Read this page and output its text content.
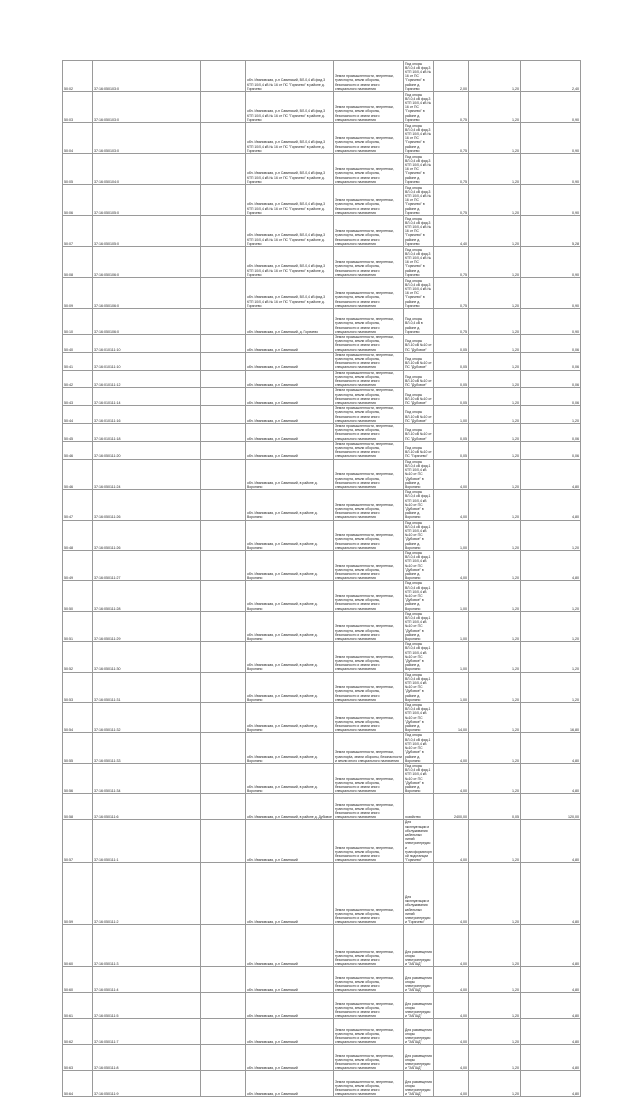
50:02	37:16:050103:0		обл. Ивановская, р-н Савинский, ВЛ-0,4 кВ фид.3 КТП 10/0,4 кВ № 16 от ПС "Горячево" в районе д. Горячево	Земли промышленности, энергетики, транспорта, земли обороны, безопасности и земли иного специального назначения	Под опоры ВЛ-0,4 кВ фид.3 КТП 10/0,4 кВ № 16 от ПС "Горячево" в районе д. Горячево	2,00	1,20	2,40
50:03	37:16:050103:0		обл. Ивановская, р-н Савинский, ВЛ-0,4 кВ фид.3 КТП 10/0,4 кВ № 16 от ПС "Горячево" в районе д. Горячево	Земли промышленности, энергетики, транспорта, земли обороны, безопасности и земли иного специального назначения	Под опоры ВЛ-0,4 кВ фид.3 КТП 10/0,4 кВ № 16 от ПС "Горячево" в районе д. Горячево	0,75	1,20	0,90
50:04	37:16:050103:0		обл. Ивановская, р-н Савинский, ВЛ-0,4 кВ фид.3 КТП 10/0,4 кВ № 16 от ПС "Горячево" в районе д. Горячево	Земли промышленности, энергетики, транспорта, земли обороны, безопасности и земли иного специального назначения	Под опоры ВЛ-0,4 кВ фид.3 КТП 10/0,4 кВ № 16 от ПС "Горячево" в районе д. Горячево	0,75	1,20	0,90
50:05	37:16:050104:0		обл. Ивановская, р-н Савинский, ВЛ-0,4 кВ фид.3 КТП 10/0,4 кВ № 16 от ПС "Горячево" в районе д. Горячево	Земли промышленности, энергетики, транспорта, земли обороны, безопасности и земли иного специального назначения	Под опоры ВЛ-0,4 кВ фид.3 КТП 10/0,4 кВ № 16 от ПС "Горячево" в районе д. Горячево	0,75	1,20	0,90
50:06	37:16:050105:0		обл. Ивановская, р-н Савинский, ВЛ-0,4 кВ фид.3 КТП 10/0,4 кВ № 16 от ПС "Горячево" в районе д. Горячево	Земли промышленности, энергетики, транспорта, земли обороны, безопасности и земли иного специального назначения	Под опоры ВЛ-0,4 кВ фид.3 КТП 10/0,4 кВ № 16 от ПС "Горячево" в районе д. Горячево	0,75	1,20	0,90
50:07	37:16:050105:0		обл. Ивановская, р-н Савинский, ВЛ-0,4 кВ фид.3 КТП 10/0,4 кВ № 16 от ПС "Горячево" в районе д. Горячево	Земли промышленности, энергетики, транспорта, земли обороны, безопасности и земли иного специального назначения	Под опоры ВЛ-0,4 кВ фид.3 КТП 10/0,4 кВ № 16 от ПС "Горячево" в районе д. Горячево	4,40	1,20	5,28
50:08	37:16:050106:0		обл. Ивановская, р-н Савинский, ВЛ-0,4 кВ фид.3 КТП 10/0,4 кВ № 16 от ПС "Горячево" в районе д. Горячево	Земли промышленности, энергетики, транспорта, земли обороны, безопасности и земли иного специального назначения	Под опоры ВЛ-0,4 кВ фид.3 КТП 10/0,4 кВ № 16 от ПС "Горячево" в районе д. Горячево	0,75	1,20	0,90
50:09	37:16:050106:0		обл. Ивановская, р-н Савинский, ВЛ-0,4 кВ фид.3 КТП 10/0,4 кВ № 16 от ПС "Горячево" в районе д. Горячево	Земли промышленности, энергетики, транспорта, земли обороны, безопасности и земли иного специального назначения	Под опоры ВЛ-0,4 кВ фид.3 КТП 10/0,4 кВ № 16 от ПС "Горячево" в районе д. Горячево	0,75	1,20	0,90
50:10	37:16:050106:0		обл. Ивановская, р-н Савинский, д. Горячево	Земли промышленности, энергетики, транспорта, земли обороны, безопасности и земли иного специального назначения	Под опоры ВЛ-0,4 кВ в районе д. Горячево	0,75	1,20	0,90
50:40	37:16:010111:10		обл. Ивановская, р-н Савинский	Земли промышленности, энергетики, транспорта, земли обороны, безопасности и земли иного специального назначения	Под опоры ВЛ-10 кВ №10 от ПС "Дубовое"	0,05	1,20	0,06
50:41	37:16:010111:10		обл. Ивановская, р-н Савинский	Земли промышленности, энергетики, транспорта, земли обороны, безопасности и земли иного специального назначения	Под опоры ВЛ-10 кВ №10 от ПС "Дубовое"	0,05	1,20	0,06
50:42	37:16:010111:12		обл. Ивановская, р-н Савинский	Земли промышленности, энергетики, транспорта, земли обороны, безопасности и земли иного специального назначения	Под опоры ВЛ-10 кВ №10 от ПС "Дубовое"	0,05	1,20	0,06
50:43	37:16:010111:14		обл. Ивановская, р-н Савинский	Земли промышленности, энергетики, транспорта, земли обороны, безопасности и земли иного специального назначения	Под опоры ВЛ-10 кВ №10 от ПС "Дубовое"	0,05	1,20	0,06
50:44	37:16:010111:16		обл. Ивановская, р-н Савинский	Земли промышленности, энергетики, транспорта, земли обороны, безопасности и земли иного специального назначения	Под опоры ВЛ-10 кВ №10 от ПС "Дубовое"	1,00	1,20	1,20
50:45	37:16:010111:18		обл. Ивановская, р-н Савинский	Земли промышленности, энергетики, транспорта, земли обороны, безопасности и земли иного специального назначения	Под опоры ВЛ-10 кВ №10 от ПС "Дубовое"	0,05	1,20	0,06
50:46	37:16:050111:20		обл. Ивановская, р-н Савинский	Земли промышленности, энергетики, транспорта, земли обороны, безопасности и земли иного специального назначения	Под опоры ВЛ-10 кВ №10 от ПС "Горячево"	0,05	1,20	0,06
50:46	37:16:050111:24		обл. Ивановская, р-н Савинский, в районе д. Воронино	Земли промышленности, энергетики, транспорта, земли обороны, безопасности и земли иного специального назначения	Под опоры ВЛ-0,4 кВ фид.1 КТП 10/0,4 кВ №10 от ПС "Дубовое" в районе д. Воронино	4,00	1,20	4,80
50:47	37:16:050111:26		обл. Ивановская, р-н Савинский, в районе д. Воронино	Земли промышленности, энергетики, транспорта, земли обороны, безопасности и земли иного специального назначения	Под опоры ВЛ-0,4 кВ фид.1 КТП 10/0,4 кВ №10 от ПС "Дубовое" в районе д. Воронино	4,00	1,20	4,80
50:48	37:16:050111:26		обл. Ивановская, р-н Савинский, в районе д. Воронино	Земли промышленности, энергетики, транспорта, земли обороны, безопасности и земли иного специального назначения	Под опоры ВЛ-0,4 кВ фид.1 КТП 10/0,4 кВ №10 от ПС "Дубовое" в районе д. Воронино	1,00	1,20	1,20
50:49	37:16:050111:27		обл. Ивановская, р-н Савинский, в районе д. Воронино	Земли промышленности, энергетики, транспорта, земли обороны, безопасности и земли иного специального назначения	Под опоры ВЛ-0,4 кВ фид.1 КТП 10/0,4 кВ №10 от ПС "Дубовое" в районе д. Воронино	4,00	1,20	4,80
50:50	37:16:050111:28		обл. Ивановская, р-н Савинский, в районе д. Воронино	Земли промышленности, энергетики, транспорта, земли обороны, безопасности и земли иного специального назначения	Под опоры ВЛ-0,4 кВ фид.1 КТП 10/0,4 кВ №10 от ПС "Дубовое" в районе д. Воронино	1,00	1,20	1,20
50:51	37:16:050111:29		обл. Ивановская, р-н Савинский, в районе д. Воронино	Земли промышленности, энергетики, транспорта, земли обороны, безопасности и земли иного специального назначения	Под опоры ВЛ-0,4 кВ фид.1 КТП 10/0,4 кВ №10 от ПС "Дубовое" в районе д. Воронино	1,00	1,20	1,20
50:52	37:16:050111:30		обл. Ивановская, р-н Савинский, в районе д. Воронино	Земли промышленности, энергетики, транспорта, земли обороны, безопасности и земли иного специального назначения	Под опоры ВЛ-0,4 кВ фид.1 КТП 10/0,4 кВ №10 от ПС "Дубовое" в районе д. Воронино	1,00	1,20	1,20
50:53	37:16:050111:31		обл. Ивановская, р-н Савинский, в районе д. Воронино	Земли промышленности, энергетики, транспорта, земли обороны, безопасности и земли иного специального назначения	Под опоры ВЛ-0,4 кВ фид.1 КТП 10/0,4 кВ №10 от ПС "Дубовое" в районе д. Воронино	1,00	1,20	1,20
50:54	37:16:050111:32		обл. Ивановская, р-н Савинский, в районе д. Воронино	Земли промышленности, энергетики, транспорта, земли обороны, безопасности и земли иного специального назначения	Под опоры ВЛ-0,4 кВ фид.1 КТП 10/0,4 кВ №10 от ПС "Дубовое" в районе д. Воронино	14,00	1,20	16,80
50:55	37:16:050111:33		обл. Ивановская, р-н Савинский, в районе д. Воронино	Земли промышленности, энергетики, транспорta, земли обороны, безопасности и земли иного специального назначения	Под опоры ВЛ-0,4 кВ фид.1 КТП 10/0,4 кВ №10 от ПС "Дубовое" в районе д. Воронино	4,00	1,20	4,80
50:56	37:16:050111:34		обл. Ивановская, р-н Савинский, в районе д. Воронино	Земли промышленности, энергетики, транспорта, земли обороны, безопасности и земли иного специального назначения	Под опоры ВЛ-0,4 кВ фид.1 КТП 10/0,4 кВ №10 от ПС "Дубовое" в районе д. Воронино	4,00	1,20	4,80
50:58	37:16:050111:6		обл. Ивановская, р-н Савинский, в районе д. Дубовое	Земли промышленности, энергетики, транспорта, земли обороны, безопасности и земли иного специального назначения	хозяйство	2400,00	0,05	120,00
50:57	37:16:050111:1		обл. Ивановская, р-н Савинский	Земли промышленности, энергетики, транспорта, земли обороны, безопасности и земли иного специального назначения	Для эксплуатации и обслуживания кабельных линий электропередачи трансформаторной подстанции "Горячево"	4,00	1,20	4,80
50:59	37:16:050111:2		обл. Ивановская, р-н Савинский	Земли промышленности, энергетики, транспорта, земли обороны, безопасности и земли иного специального назначения	Для эксплуатации и обслуживания кабельных линий электропередачи "Горячево"	4,00	1,20	4,80
50:60	37:16:050111:3		обл. Ивановская, р-н Савинский	Земли промышленности, энергетики, транспорта, земли обороны, безопасности и земли иного специального назначения	Для размещения опоры электропередачи "ЗАПАД"	4,00	1,20	4,80
50:60	37:16:050111:4		обл. Ивановская, р-н Савинский	Земли промышленности, энергетики, транспорта, земли обороны, безопасности и земли иного специального назначения	Для размещения опоры электропередачи "ЗАПАД"	4,00	1,20	4,80
50:61	37:16:050111:5		обл. Ивановская, р-н Савинский	Земли промышленности, энергетики, транспорта, земли обороны, безопасности и земли иного специального назначения	Для размещения опоры электропередачи "ЗАПАД"	4,00	1,20	4,80
50:62	37:16:050111:7		обл. Ивановская, р-н Савинский	Земли промышленности, энергетики, транспорта, земли обороны, безопасности и земли иного специального назначения	Для размещения опоры электропередачи "ЗАПАД"	4,00	1,20	4,80
50:63	37:16:050111:8		обл. Ивановская, р-н Савинский	Земли промышленности, энергетики, транспорта, земли обороны, безопасности и земли иного специального назначения	Для размещения опоры электропередачи "ЗАПАД"	4,00	1,20	4,80
50:64	37:16:050111:9		обл. Ивановская, р-н Савинский	Земли промышленности, энергетики, транспорта, земли обороны, безопасности и земли иного специального назначения	Для размещения опоры электропередачи "ЗАПАД"	4,00	1,20	4,80
